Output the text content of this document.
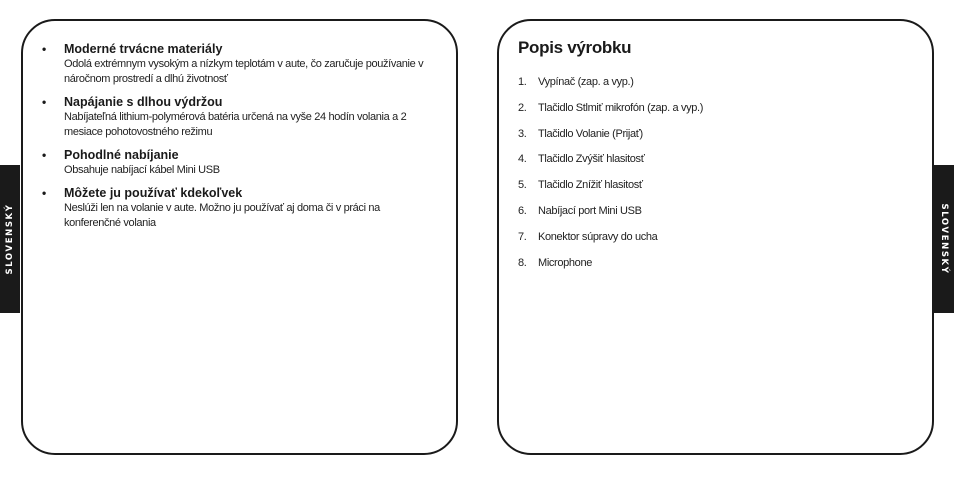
SLOVENSKÝ	SLOVENSKÝ
• Moderné trvácne materiály
Odolá extrémnym vysokým a nízkym teplotám v aute, čo zaručuje používanie v náročnom prostredí a dlhú životnosť
• Napájanie s dlhou výdržou
Nabíjateľná lithium-polymérová batéria určená na vyše 24 hodín volania a 2 mesiace pohotovostného režimu
• Pohodlné nabíjanie
Obsahuje nabíjací kábel Mini USB
• Môžete ju používať kdekoľvek
Neslúži len na volanie v aute. Možno ju používať aj doma či v práci na konferenčné volania
Popis výrobku
1. Vypínač (zap. a vyp.)
2. Tlačidlo Stlmiť mikrofón (zap. a vyp.)
3. Tlačidlo Volanie (Prijať)
4. Tlačidlo Zvýšiť hlasitosť
5. Tlačidlo Znížiť hlasitosť
6. Nabíjací port Mini USB
7. Konektor súpravy do ucha
8. Microphone
